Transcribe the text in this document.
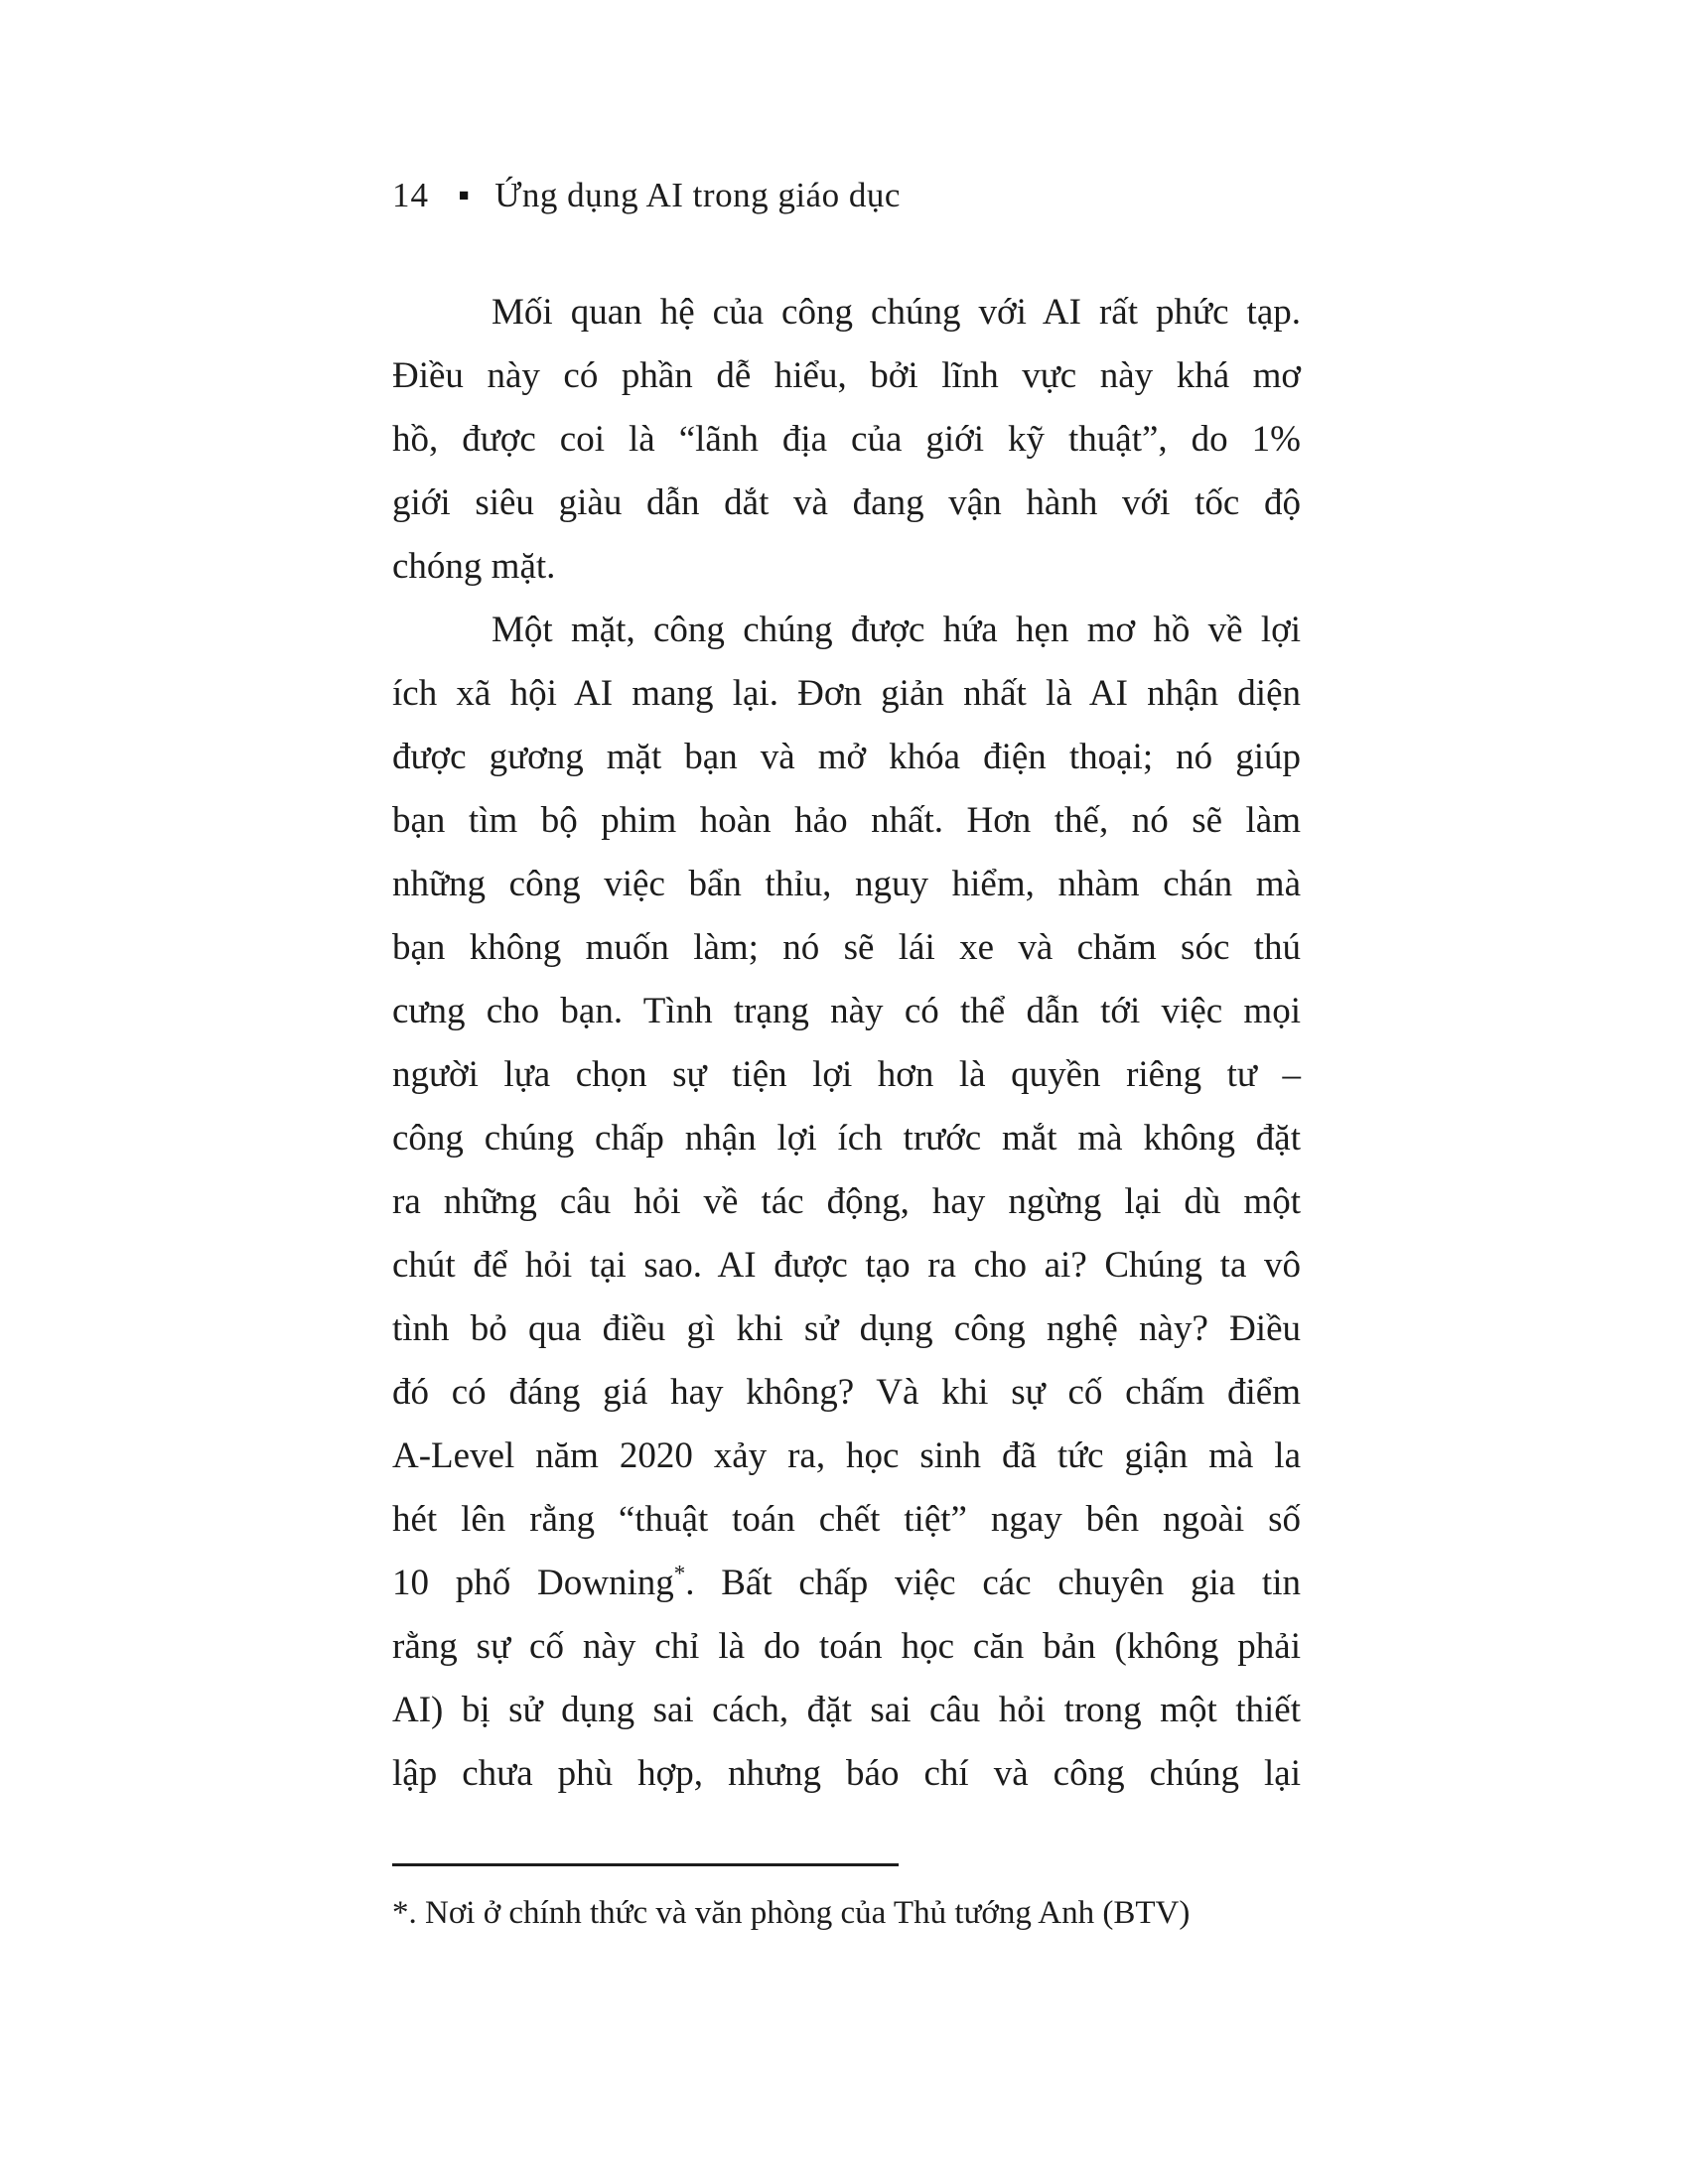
14 ■ Ứng dụng AI trong giáo dục
Mối quan hệ của công chúng với AI rất phức tạp.
Điều này có phần dễ hiểu, bởi lĩnh vực này khá mơ
hồ, được coi là “lãnh địa của giới kỹ thuật”, do 1%
giới siêu giàu dẫn dắt và đang vận hành với tốc độ
chóng mặt.
Một mặt, công chúng được hứa hẹn mơ hồ về lợi
ích xã hội AI mang lại. Đơn giản nhất là AI nhận diện
được gương mặt bạn và mở khóa điện thoại; nó giúp
bạn tìm bộ phim hoàn hảo nhất. Hơn thế, nó sẽ làm
những công việc bẩn thỉu, nguy hiểm, nhàm chán mà
bạn không muốn làm; nó sẽ lái xe và chăm sóc thú
cưng cho bạn. Tình trạng này có thể dẫn tới việc mọi
người lựa chọn sự tiện lợi hơn là quyền riêng tư –
công chúng chấp nhận lợi ích trước mắt mà không đặt
ra những câu hỏi về tác động, hay ngừng lại dù một
chút để hỏi tại sao. AI được tạo ra cho ai? Chúng ta vô
tình bỏ qua điều gì khi sử dụng công nghệ này? Điều
đó có đáng giá hay không? Và khi sự cố chấm điểm
A-Level năm 2020 xảy ra, học sinh đã tức giận mà la
hét lên rằng “thuật toán chết tiệt” ngay bên ngoài số
10 phố Downing*. Bất chấp việc các chuyên gia tin
rằng sự cố này chỉ là do toán học căn bản (không phải
AI) bị sử dụng sai cách, đặt sai câu hỏi trong một thiết
lập chưa phù hợp, nhưng báo chí và công chúng lại
*. Nơi ở chính thức và văn phòng của Thủ tướng Anh (BTV)
